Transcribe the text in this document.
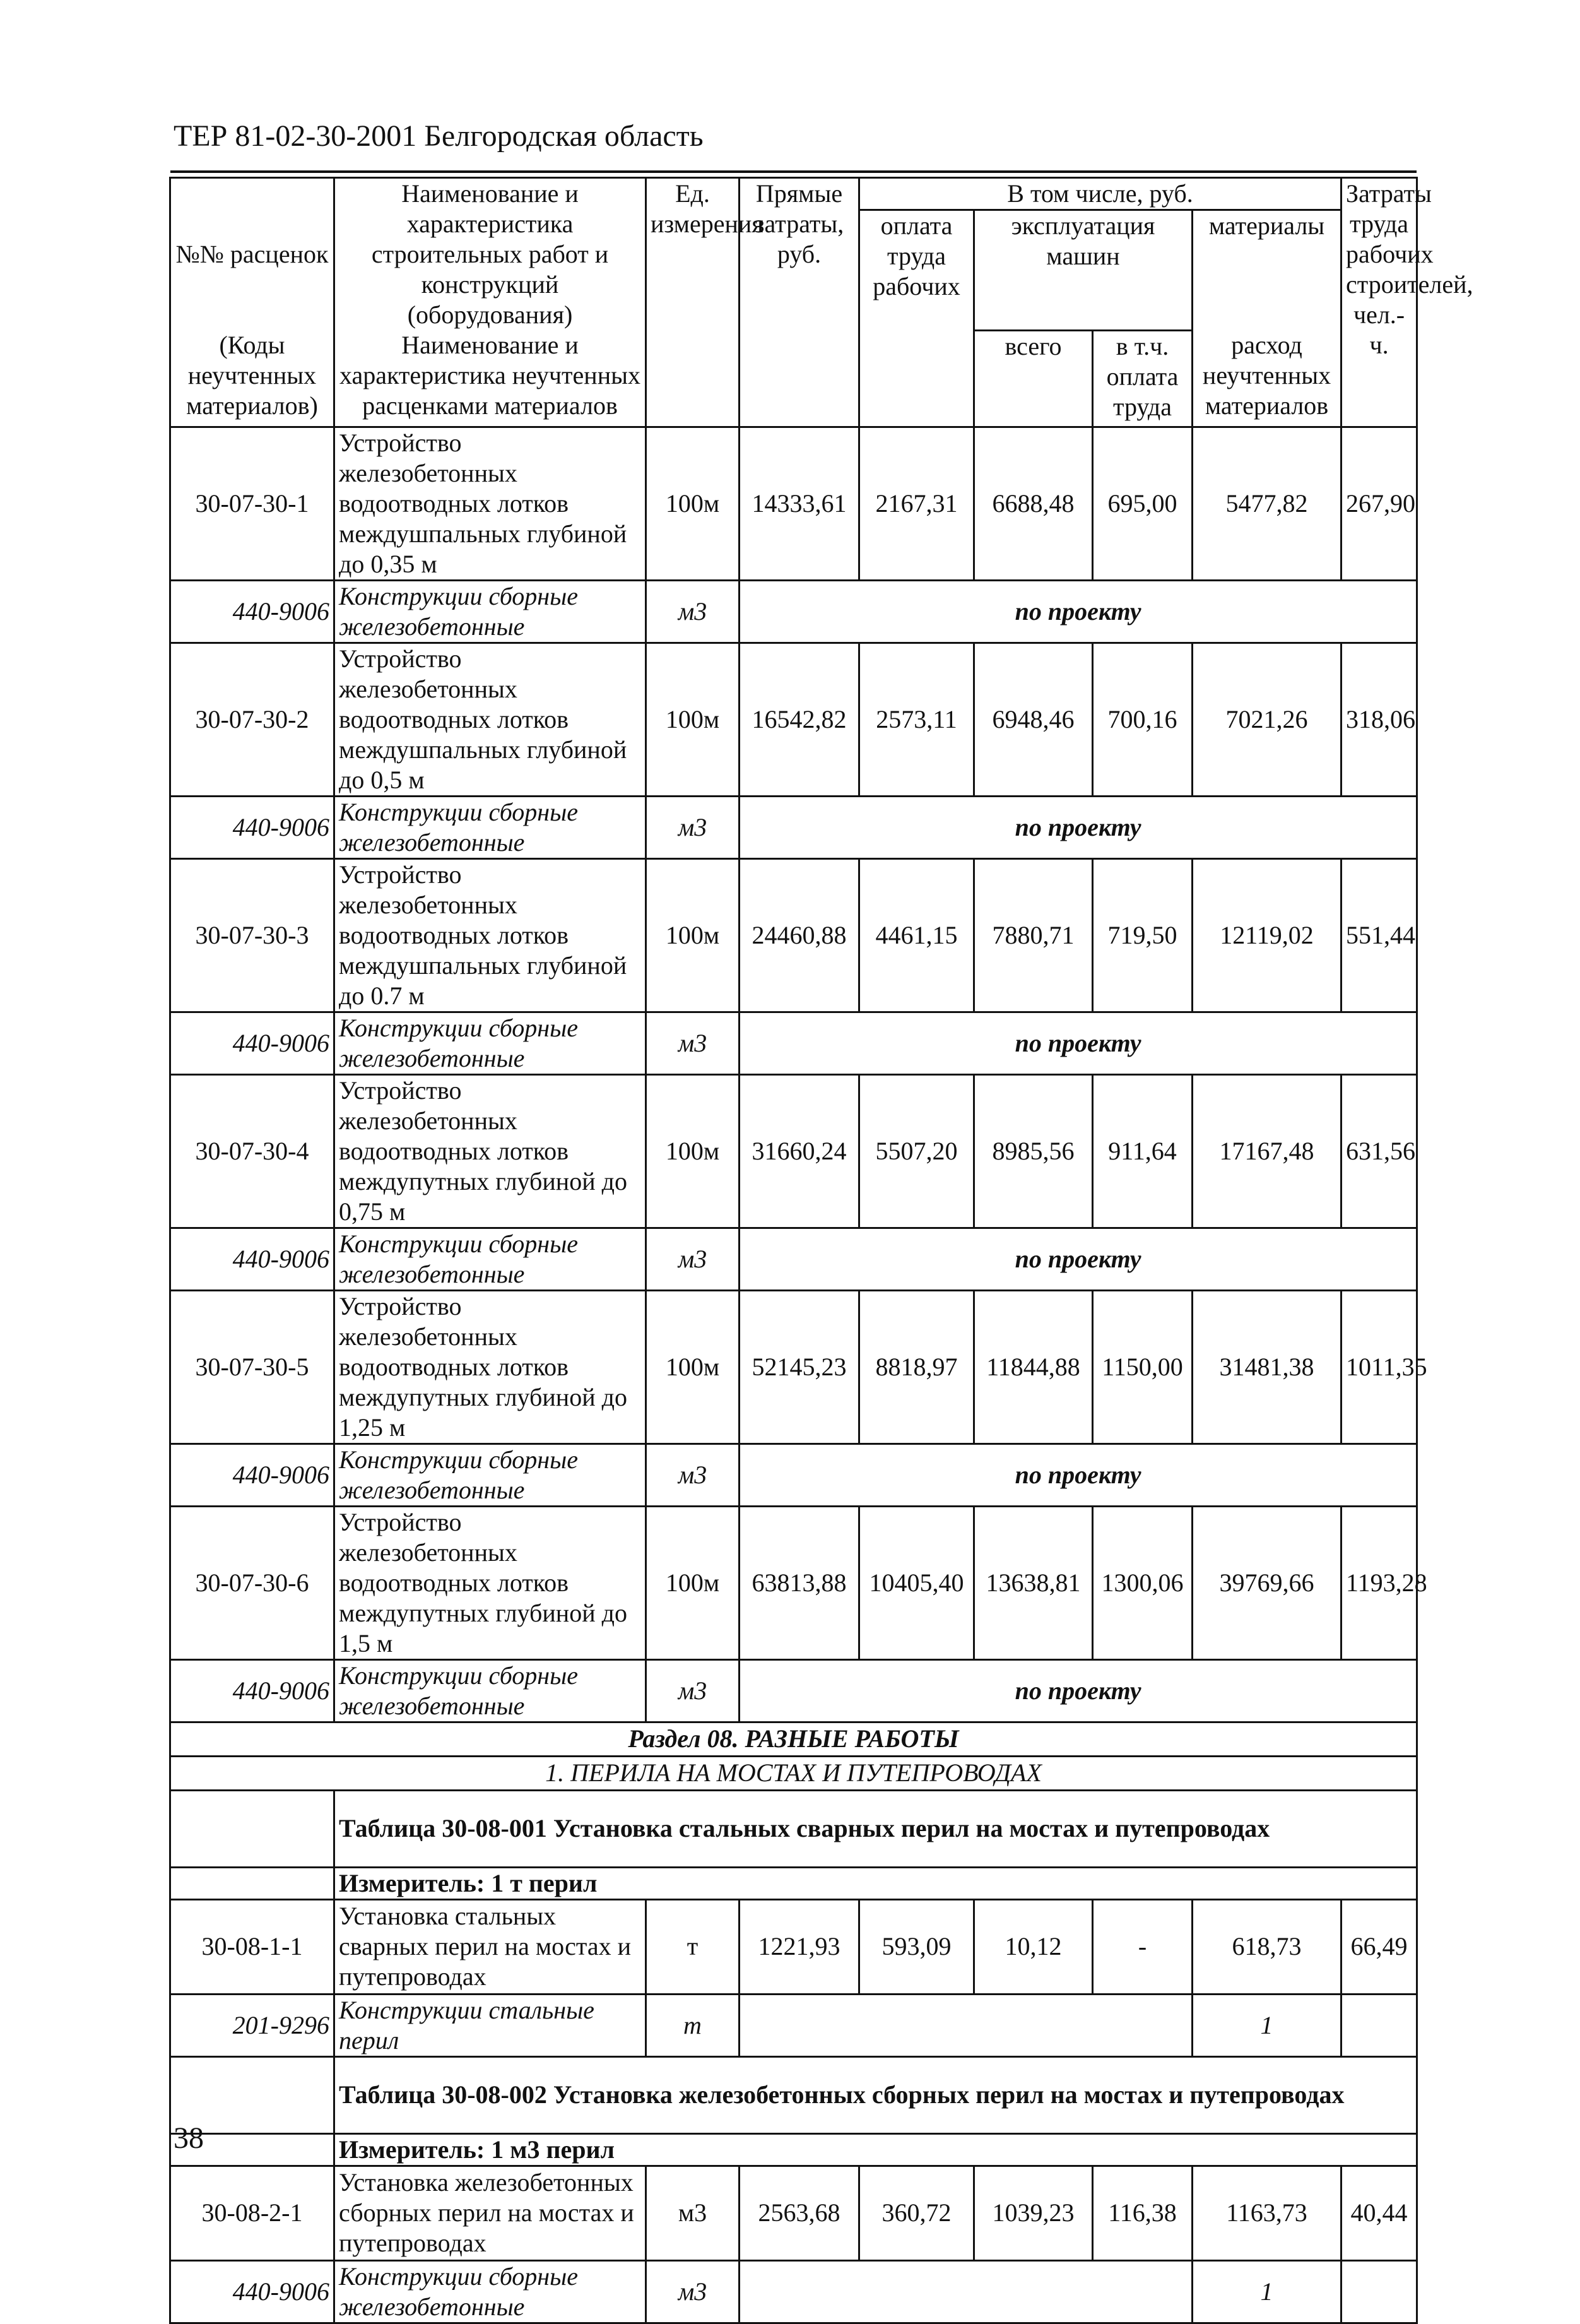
ТЕР 81-02-30-2001 Белгородская область
№№ расценок	Наименование и характеристика строительных работ и конструкций (оборудования)	Ед. измерения	Прямые затраты, руб.	В том числе, руб.				Затраты труда рабочих строителей, чел.-ч.
				оплата труда рабочих	эксплуатация машин		материалы	

(Коды неучтенных материалов)	Наименование и характеристика неучтенных расценками материалов				всего	в т.ч. оплата труда	расход неучтенных материалов	

30-07-30-1	Устройство железобетонных водоотводных лотков междушпальных глубиной до 0,35 м	100м	14333,61	2167,31	6688,48	695,00	5477,82	267,90
440-9006	Конструкции сборные железобетонные	м3	по проекту					
30-07-30-2	Устройство железобетонных водоотводных лотков междушпальных глубиной до 0,5 м	100м	16542,82	2573,11	6948,46	700,16	7021,26	318,06
440-9006	Конструкции сборные железобетонные	м3	по проекту					
30-07-30-3	Устройство железобетонных водоотводных лотков междушпальных глубиной до 0.7 м	100м	24460,88	4461,15	7880,71	719,50	12119,02	551,44
440-9006	Конструкции сборные железобетонные	м3	по проекту					
30-07-30-4	Устройство железобетонных водоотводных лотков междупутных глубиной до 0,75 м	100м	31660,24	5507,20	8985,56	911,64	17167,48	631,56
440-9006	Конструкции сборные железобетонные	м3	по проекту					
30-07-30-5	Устройство железобетонных водоотводных лотков междупутных глубиной до 1,25 м	100м	52145,23	8818,97	11844,88	1150,00	31481,38	1011,35
440-9006	Конструкции сборные железобетонные	м3	по проекту					
30-07-30-6	Устройство железобетонных водоотводных лотков междупутных глубиной до 1,5 м	100м	63813,88	10405,40	13638,81	1300,06	39769,66	1193,28
440-9006	Конструкции сборные железобетонные	м3	по проекту					
Раздел 08. РАЗНЫЕ РАБОТЫ								
1. ПЕРИЛА НА МОСТАХ И ПУТЕПРОВОДАХ								
	Таблица 30-08-001 Установка стальных сварных перил на мостах и путепроводах							
	Измеритель: 1 т перил							
30-08-1-1	Установка стальных сварных перил на мостах и путепроводах	т	1221,93	593,09	10,12	-	618,73	66,49
201-9296	Конструкции стальные перил	т					1	
	Таблица 30-08-002 Установка железобетонных сборных перил на мостах и путепроводах							
	Измеритель: 1 м3 перил							
30-08-2-1	Установка железобетонных сборных перил на мостах и путепроводах	м3	2563,68	360,72	1039,23	116,38	1163,73	40,44
440-9006	Конструкции сборные железобетонные	м3					1	
38
